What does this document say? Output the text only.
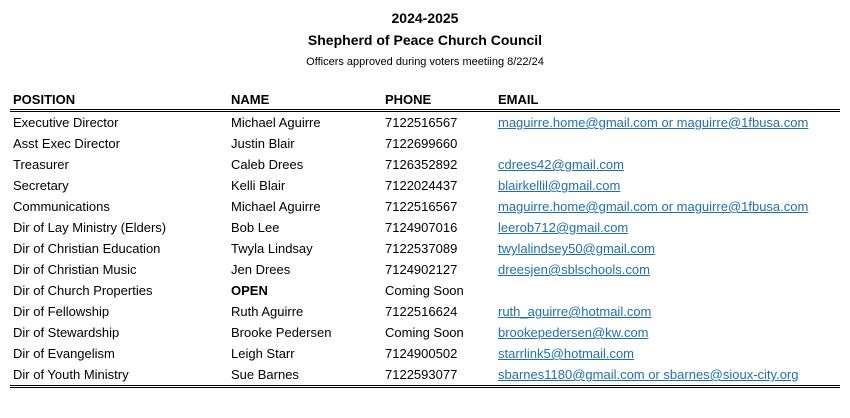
2024-2025
Shepherd of Peace Church Council
Officers approved during voters meetiing 8/22/24
POSITION	NAME	PHONE	EMAIL
Executive Director	Michael Aguirre	7122516567	maguirre.home@gmail.com or maguirre@1fbusa.com
Asst Exec Director	Justin Blair	7122699660
Treasurer	Caleb Drees	7126352892	cdrees42@gmail.com
Secretary	Kelli Blair	7122024437	blairkellil@gmail.com
Communications	Michael Aguirre	7122516567	maguirre.home@gmail.com or maguirre@1fbusa.com
Dir of Lay Ministry (Elders)	Bob Lee	7124907016	leerob712@gmail.com
Dir of Christian Education	Twyla Lindsay	7122537089	twylalindsey50@gmail.com
Dir of Christian Music	Jen Drees	7124902127	dreesjen@sblschools.com
Dir of Church Properties	OPEN	Coming Soon
Dir of Fellowship	Ruth Aguirre	7122516624	ruth_aguirre@hotmail.com
Dir of Stewardship	Brooke Pedersen	Coming Soon	brookepedersen@kw.com
Dir of Evangelism	Leigh Starr	7124900502	starrlink5@hotmail.com
Dir of Youth Ministry	Sue Barnes	7122593077	sbarnes1180@gmail.com or sbarnes@sioux-city.org
